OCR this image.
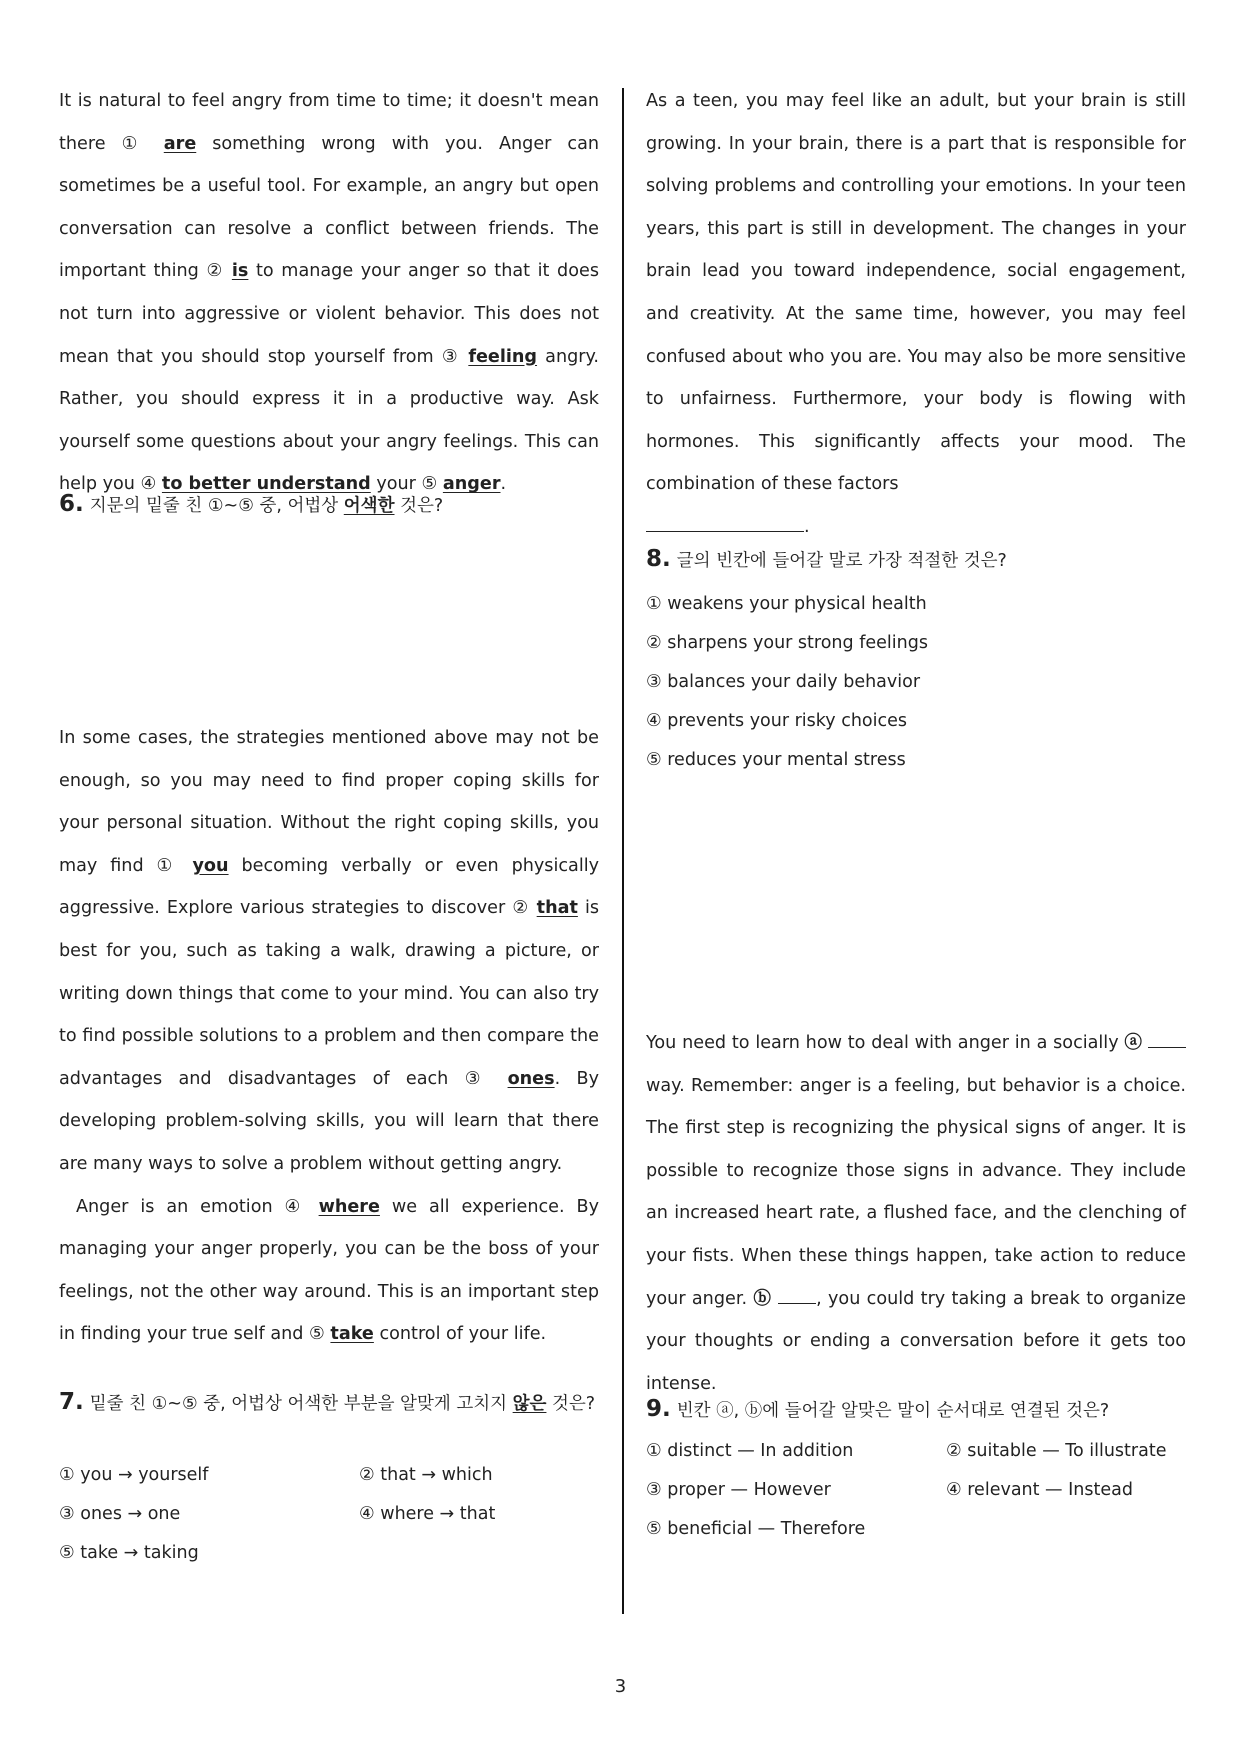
It is natural to feel angry from time to time; it doesn't mean there ① are something wrong with you. Anger can sometimes be a useful tool. For example, an angry but open conversation can resolve a conflict between friends. The important thing ② is to manage your anger so that it does not turn into aggressive or violent behavior. This does not mean that you should stop yourself from ③ feeling angry. Rather, you should express it in a productive way. Ask yourself some questions about your angry feelings. This can help you ④ to better understand your ⑤ anger.

6. 지문의 밑줄 친 ①~⑤ 중, 어법상 어색한 것은?

In some cases, the strategies mentioned above may not be enough, so you may need to find proper coping skills for your personal situation. Without the right coping skills, you may find ① you becoming verbally or even physically aggressive. Explore various strategies to discover ② that is best for you, such as taking a walk, drawing a picture, or writing down things that come to your mind. You can also try to find possible solutions to a problem and then compare the advantages and disadvantages of each ③ ones. By developing problem-solving skills, you will learn that there are many ways to solve a problem without getting angry.

Anger is an emotion ④ where we all experience. By managing your anger properly, you can be the boss of your feelings, not the other way around. This is an important step in finding your true self and ⑤ take control of your life.

7. 밑줄 친 ①~⑤ 중, 어법상 어색한 부분을 알맞게 고치지 않은 것은?

① you → yourself	② that → which
③ ones → one	④ where → that
⑤ take → taking

As a teen, you may feel like an adult, but your brain is still growing. In your brain, there is a part that is responsible for solving problems and controlling your emotions. In your teen years, this part is still in development. The changes in your brain lead you toward independence, social engagement, and creativity. At the same time, however, you may feel confused about who you are. You may also be more sensitive to unfairness. Furthermore, your body is flowing with hormones. This significantly affects your mood. The combination of these factors
.

8. 글의 빈칸에 들어갈 말로 가장 적절한 것은?

① weakens your physical health
② sharpens your strong feelings
③ balances your daily behavior
④ prevents your risky choices
⑤ reduces your mental stress

You need to learn how to deal with anger in a socially ⓐ  way. Remember: anger is a feeling, but behavior is a choice. The first step is recognizing the physical signs of anger. It is possible to recognize those signs in advance. They include an increased heart rate, a flushed face, and the clenching of your fists. When these things happen, take action to reduce your anger. ⓑ	, you could try taking a break to organize your thoughts or ending a conversation before it gets too intense.

9. 빈칸 ⓐ, ⓑ에 들어갈 알맞은 말이 순서대로 연결된 것은?

① distinct — In addition	② suitable — To illustrate
③ proper — However	④ relevant — Instead
⑤ beneficial — Therefore
3
